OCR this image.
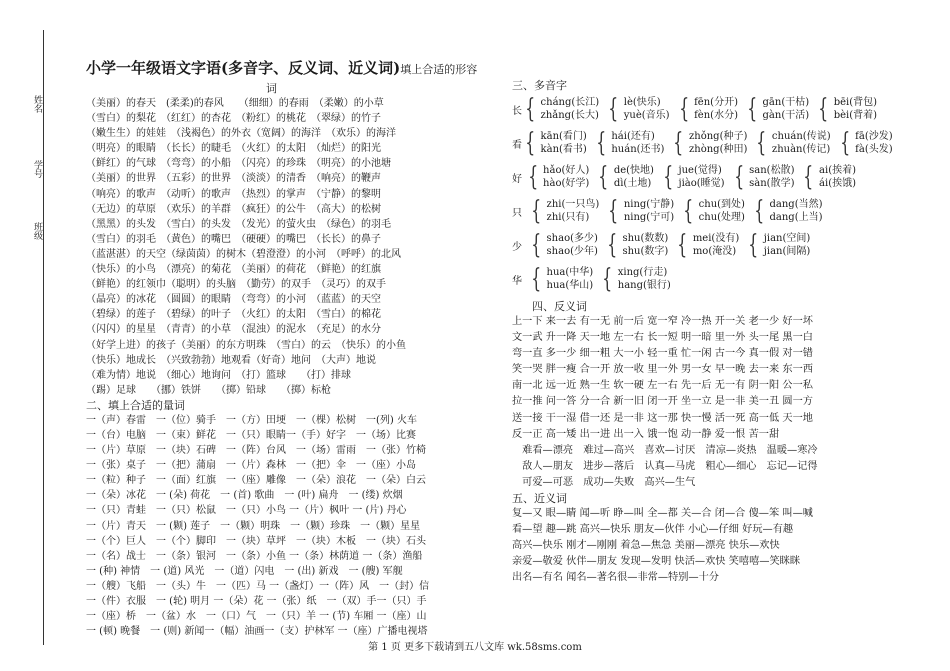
姓名
学号
班级
小学一年级语文字语(多音字、反义词、近义词)填上合适的形容
词
（美丽）的春天　(柔柔)的春风　　（细细）的春雨　（柔嫩）的小草
（雪白）的梨花　（红红）的杏花　（粉红）的桃花　（翠绿）的竹子
（嫩生生）的娃娃　（浅褐色）的外衣（宽阔）的海洋　（欢乐）的海洋
（明亮）的眼睛　（长长）的睫毛　（火红）的太阳　（灿烂）的阳光
（鲜红）的气球　（弯弯）的小船　（闪亮）的珍珠　（明亮）的小池塘
（美丽）的世界　（五彩）的世界　（淡淡）的清香　（响亮）的鞭声
（响亮）的歌声　（动听）的歌声　（热烈）的掌声　（宁静）的黎明
（无边）的草原　（欢乐）的羊群　（疯狂）的公牛　（高大）的松树
（黑黑）的头发　（雪白）的头发　（发光）的萤火虫　（绿色）的羽毛
（雪白）的羽毛　（黄色）的嘴巴　（硬硬）的嘴巴　（长长）的鼻子
（蓝湛湛）的天空（绿茵茵）的树木（碧澄澄）的小河　（呼呼）的北风
（快乐）的小鸟　（漂亮）的菊花　（美丽）的荷花　（鲜艳）的红旗
（鲜艳）的红领巾（聪明）的头脑　（勤劳）的双手　（灵巧）的双手
（晶亮）的冰花　（圆圆）的眼睛　（弯弯）的小河　（蓝蓝）的天空
（碧绿）的莲子　（碧绿）的叶子　（火红）的太阳　（雪白）的棉花
（闪闪）的星星　（青青）的小草　（混浊）的泥水　（充足）的水分
（好学上进）的孩子（美丽）的东方明珠　（雪白）的云　（快乐）的小鱼
（快乐）地成长　（兴致勃勃）地观看（好奇）地问　（大声）地说
（难为情）地说　（细心）地询问　（打）篮球　　（打）排球
（踢）足球　　（挪）铁饼　　（掷）铅球　　（掷）标枪
二、填上合适的量词
一（声）春雷　一（位）骑手　一（方）田埂　一（棵）松树　一(列) 火车
一（台）电脑　一（束）鲜花　一（只）眼睛一（手）好字　一（场）比赛
一（片）草原　一（块）石碑　一（阵）台风　一（场）雷雨　一（张）竹椅
一（张）桌子　一（把）蒲扇　一（片）森林　一（把）伞　一（座）小岛
一（粒）种子　一（面）红旗　一（座）雕像　一（朵）浪花　一（朵）白云
一（朵）冰花　一 (朵) 荷花　一 (首) 歌曲　一 (叶) 扁舟　一 (缕) 炊烟
一（只）青蛙　一（只）松鼠　一（只）小鸟 一（片）枫叶 一 (片) 丹心
一（片）青天　一 (颗) 莲子　一（颗）明珠　一（颗）珍珠　一（颗）星星
一（个）巨人　一（个）脚印　一（块）草坪　一（块）木板　一（块）石头
一（名）战士　一（条）银河　一（条）小鱼 一（条）林荫道 一（条）渔船
一 (种) 神情　一 (道) 风光　一（道）闪电　一 (出) 新戏　一 (艘) 军舰
一（艘）飞船　一（头）牛　一（匹）马 一（盏灯）一（阵）风　一（封）信
一（件）衣服　一 (轮) 明月 一（朵）花 一（张）纸　一（双）手一（只）手
一（座）桥　一（盆）水　一（口）气　一（只）羊 一 (节) 车厢 一（座）山
一 (顿) 晚餐　一 (则) 新闻一（幅）油画一（支）护林军 一（座）广播电视塔
三、多音字
长 { cháng(长江)
zhǎng(长大) { lè(快乐)
yuè(音乐) { fēn(分开)
fèn(水分) { gān(干枯)
gàn(干活) { bēi(背包)
bèi(背着)
看 { kān(看门)
kàn(看书) { hái(还有)
huán(还书) { zhǒng(种子)
zhòng(种田) { chuán(传说)
zhuàn(传记) { fā(沙发)
fà(头发)
好 { hǎo(好人)
hào(好学) { de(快地)
dì(土地) { jue(觉得)
jiào(睡觉) { san(松散)
sàn(散学) { ai(挨着)
ái(挨饿)
只 { zhi(一只鸟)
zhi(只有) { ning(宁静)
ning(宁可) { chu(到处)
chu(处理) { dang(当然)
dang(上当)
少 { shao(多少)
shao(少年) { shu(数数)
shu(数字) { mei(没有)
mo(淹没) { jian(空间)
jian(间隔)
华 { hua(中华)
hua(华山) { xing(行走)
hang(银行)
四、反义词
上一下 来一去 有一无 前一后 宽一窄 冷一热 开一关 老一少 好一坏
文一武 升一降 天一地 左一右 长一短 明一暗 里一外 头一尾 黑一白
弯一直 多一少 细一粗 大一小 轻一重 忙一闲 古一今 真一假 对一错
笑一哭 胖一瘦 合一开 放一收 里一外 男一女 早一晚 去一来 东一西
南一北 远一近 熟一生 软一硬 左一右 先一后 无一有 阴一阳 公一私
拉一推 问一答 分一合 新一旧 闭一开 坐一立 是一非 美一丑 圆一方
送一接 干一湿 借一还 是一非 这一那 快一慢 活一死 高一低 天一地
反一正 高一矮 出一进 出一入 饿一饱 动一静 爱一恨 苦一甜
　难看—漂亮　难过—高兴　喜欢—讨厌　清凉—炎热　温暖—寒冷
　敌人—朋友　进步—落后　认真—马虎　粗心—细心　忘记—记得
　可爱—可恶　成功—失败　高兴—生气
五、近义词
复—又 眼—睛 闻—听 睁—叫 全—都 关—合 闭—合 傻—笨 叫—喊
看—望 趣—跳 高兴—快乐 朋友—伙伴 小心—仔细 好玩—有趣
高兴—快乐 刚才—刚刚 着急—焦急 美丽—漂亮 快乐—欢快
亲爱—敬爱 伙伴—朋友 发现—发明 快活—欢快 笑嘻嘻—笑眯眯
出名—有名 闻名—著名很—非常—特别—十分
第 1 页 更多下载请到五八文库 wk.58sms.com
